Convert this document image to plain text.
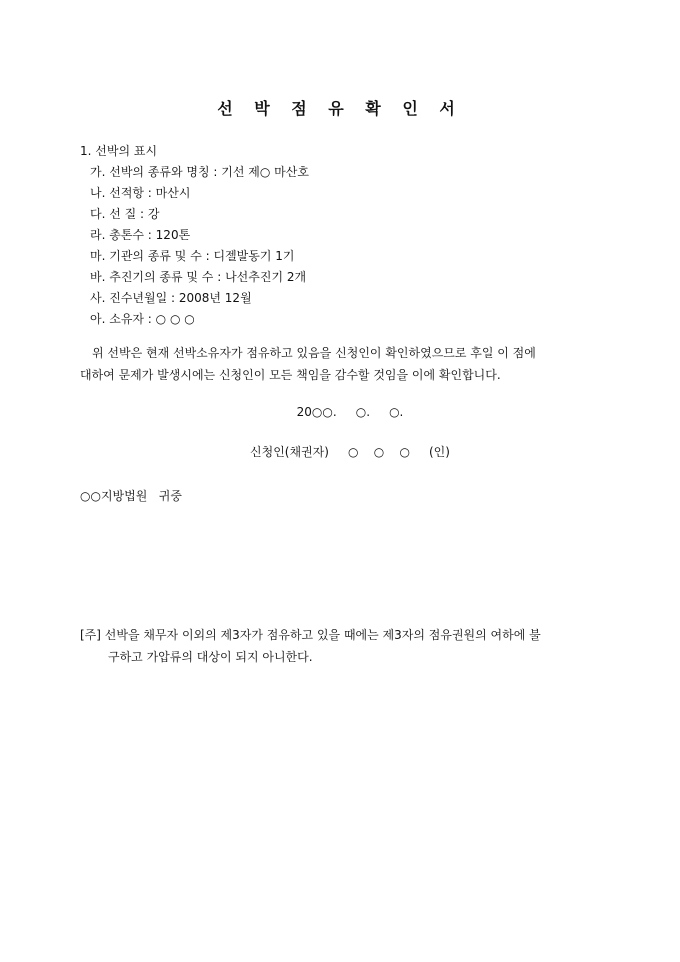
선 박 점 유 확 인 서
1. 선박의 표시
가. 선박의 종류와 명칭 : 기선 제○ 마산호
나. 선적항 : 마산시
다. 선 질 : 강
라. 총톤수 : 120톤
마. 기관의 종류 및 수 : 디젤발동기 1기
바. 추진기의 종류 및 수 : 나선추진기 2개
사. 진수년월일 : 2008년 12월
아. 소유자 : ○ ○ ○
위 선박은 현재 선박소유자가 점유하고 있음을 신청인이 확인하였으므로 후일 이 점에
대하여 문제가 발생시에는 신청인이 모든 책임을 감수할 것임을 이에 확인합니다.
20○○.     ○.     ○.
신청인(채권자)     ○    ○    ○     (인)
○○지방법원   귀중
[주] 선박을 채무자 이외의 제3자가 점유하고 있을 때에는 제3자의 점유권원의 여하에 불
구하고 가압류의 대상이 되지 아니한다.
